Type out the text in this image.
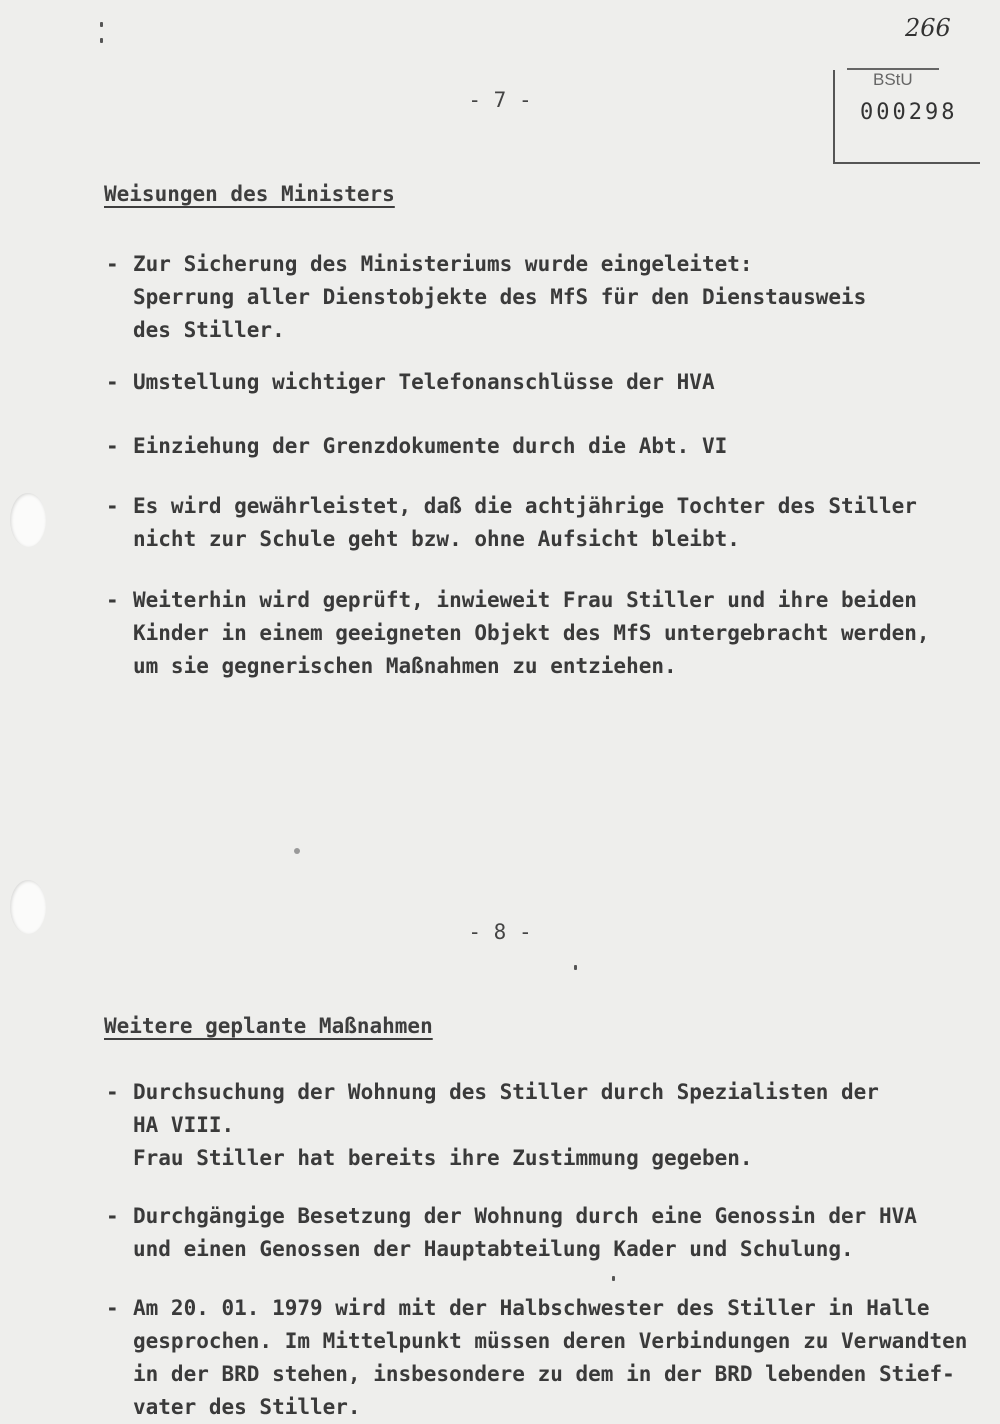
266
BStU
000298
- 7 -
Weisungen des Ministers
- Zur Sicherung des Ministeriums wurde eingeleitet:
Sperrung aller Dienstobjekte des MfS für den Dienstausweis
des Stiller.
- Umstellung wichtiger Telefonanschlüsse der HVA
- Einziehung der Grenzdokumente durch die Abt. VI
- Es wird gewährleistet, daß die achtjährige Tochter des Stiller
nicht zur Schule geht bzw. ohne Aufsicht bleibt.
- Weiterhin wird geprüft, inwieweit Frau Stiller und ihre beiden
Kinder in einem geeigneten Objekt des MfS untergebracht werden,
um sie gegnerischen Maßnahmen zu entziehen.
- 8 -
Weitere geplante Maßnahmen
- Durchsuchung der Wohnung des Stiller durch Spezialisten der
HA VIII.
Frau Stiller hat bereits ihre Zustimmung gegeben.
- Durchgängige Besetzung der Wohnung durch eine Genossin der HVA
und einen Genossen der Hauptabteilung Kader und Schulung.
- Am 20. 01. 1979 wird mit der Halbschwester des Stiller in Halle
gesprochen. Im Mittelpunkt müssen deren Verbindungen zu Verwandten
in der BRD stehen, insbesondere zu dem in der BRD lebenden Stief-
vater des Stiller.
